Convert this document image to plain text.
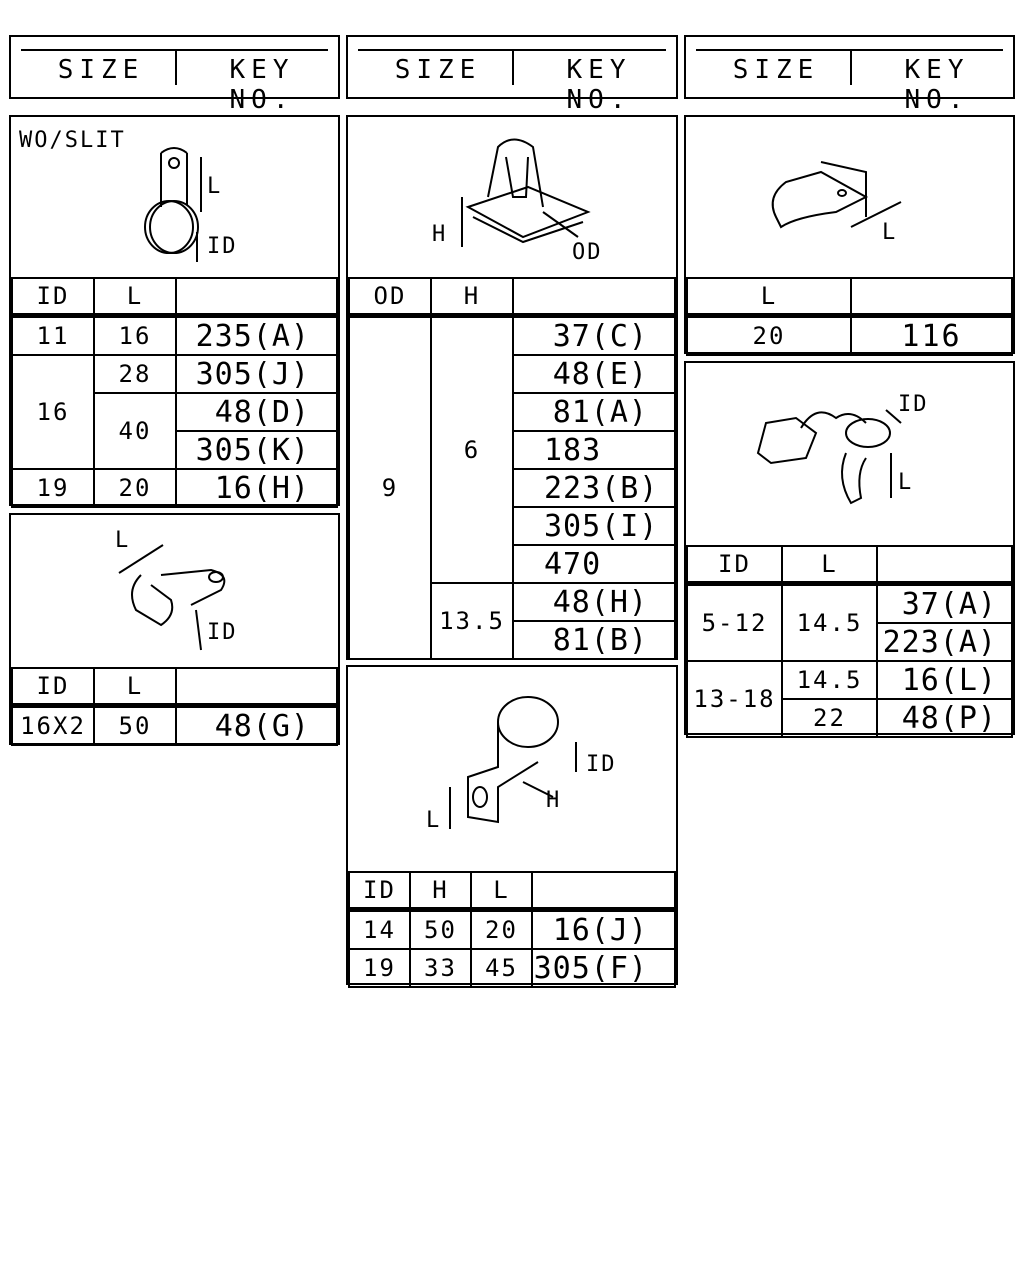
SIZE	KEY NO.
SIZE	KEY NO.
SIZE	KEY NO.
WO/SLIT
L
ID
ID	L	
11	16	235(A)
16	28	305(J)
	40	48(D)
		305(K)
19	20	16(H)
L
ID
ID	L	
16X2	50	48(G)
H
OD
OD	H	
9	6	37(C)
		48(E)
		81(A)
		183
		223(B)
		305(I)
		470
	13.5	48(H)
		81(B)
L
ID
H
ID	H	L	
14	50	20	16(J)
19	33	45	305(F)
L
L	
20	116
ID
L
ID	L	
5-12	14.5	37(A)
		223(A)
13-18	14.5	16(L)
	22	48(P)
